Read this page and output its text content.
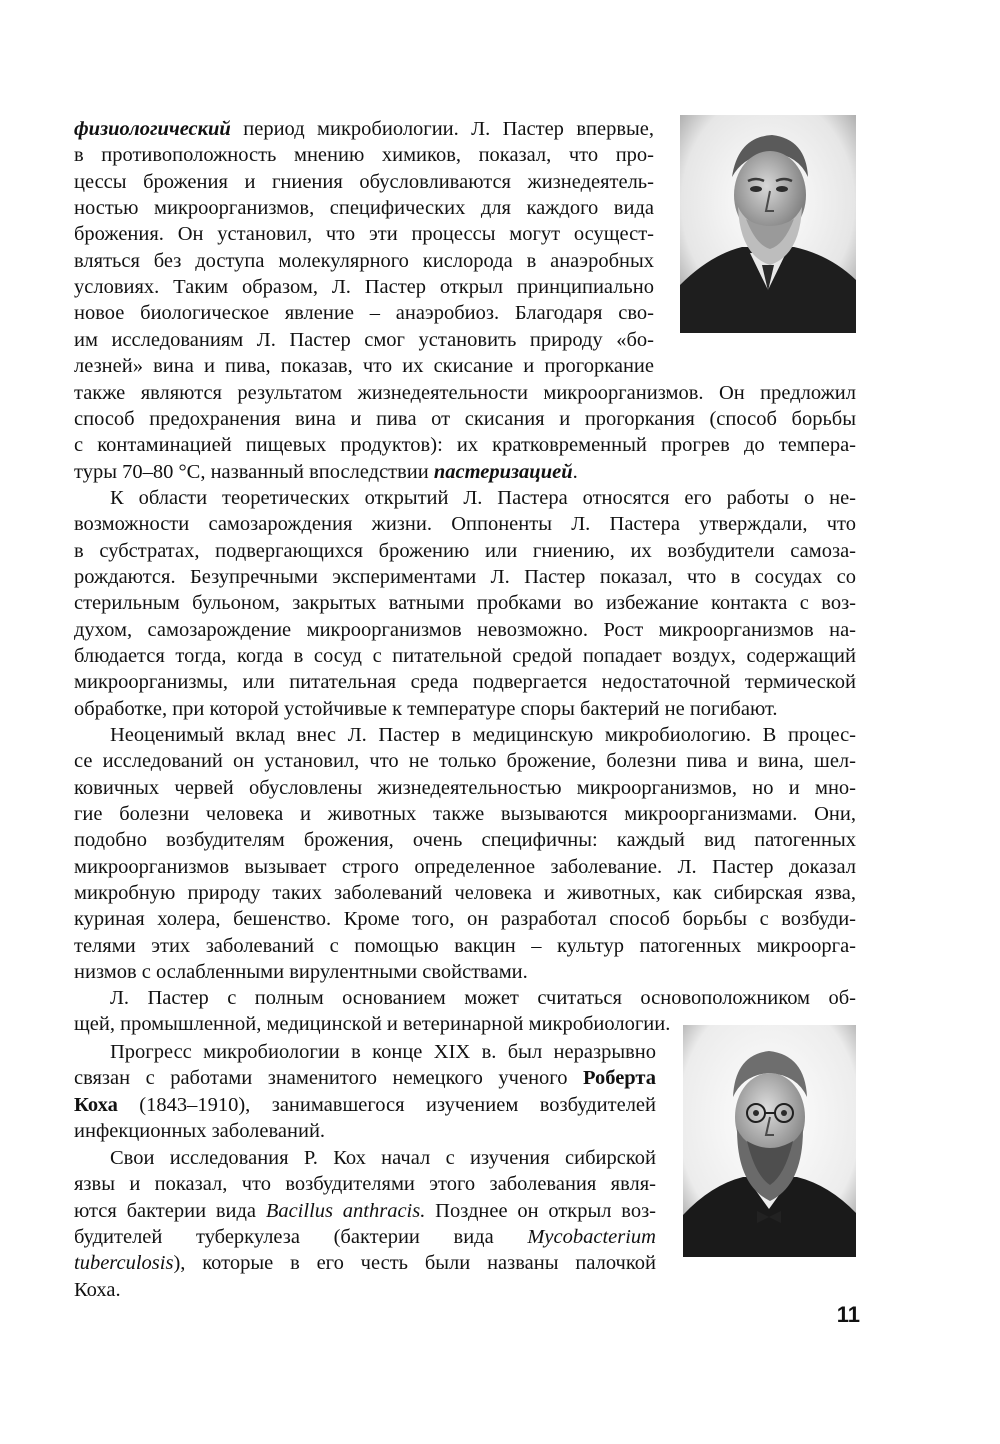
физиологический период микробиологии. Л. Пастер впервые,
в противоположность мнению химиков, показал, что про-
цессы брожения и гниения обусловливаются жизнедеятель-
ностью микроорганизмов, специфических для каждого вида
брожения. Он установил, что эти процессы могут осущест-
вляться без доступа молекулярного кислорода в анаэробных
условиях. Таким образом, Л. Пастер открыл принципиально
новое биологическое явление – анаэробиоз. Благодаря сво-
им исследованиям Л. Пастер смог установить природу «бо-
лезней» вина и пива, показав, что их скисание и прогоркание
также являются результатом жизнедеятельности микроорганизмов. Он предложил
способ предохранения вина и пива от скисания и прогоркания (способ борьбы
с контаминацией пищевых продуктов): их кратковременный прогрев до темпера-
туры 70–80 °С, названный впоследствии пастеризацией.
К области теоретических открытий Л. Пастера относятся его работы о не-
возможности самозарождения жизни. Оппоненты Л. Пастера утверждали, что
в субстратах, подвергающихся брожению или гниению, их возбудители самоза-
рождаются. Безупречными экспериментами Л. Пастер показал, что в сосудах со
стерильным бульоном, закрытых ватными пробками во избежание контакта с воз-
духом, самозарождение микроорганизмов невозможно. Рост микроорганизмов на-
блюдается тогда, когда в сосуд с питательной средой попадает воздух, содержащий
микроорганизмы, или питательная среда подвергается недостаточной термической
обработке, при которой устойчивые к температуре споры бактерий не погибают.
Неоценимый вклад внес Л. Пастер в медицинскую микробиологию. В процес-
се исследований он установил, что не только брожение, болезни пива и вина, шел-
ковичных червей обусловлены жизнедеятельностью микроорганизмов, но и мно-
гие болезни человека и животных также вызываются микроорганизмами. Они,
подобно возбудителям брожения, очень специфичны: каждый вид патогенных
микроорганизмов вызывает строго определенное заболевание. Л. Пастер доказал
микробную природу таких заболеваний человека и животных, как сибирская язва,
куриная холера, бешенство. Кроме того, он разработал способ борьбы с возбуди-
телями этих заболеваний с помощью вакцин – культур патогенных микроорга-
низмов с ослабленными вирулентными свойствами.
Л. Пастер с полным основанием может считаться основоположником об-
щей, промышленной, медицинской и ветеринарной микробиологии.
Прогресс микробиологии в конце XIX в. был неразрывно
связан с работами знаменитого немецкого ученого Роберта
Коха (1843–1910), занимавшегося изучением возбудителей
инфекционных заболеваний.
Свои исследования Р. Кох начал с изучения сибирской
язвы и показал, что возбудителями этого заболевания явля-
ются бактерии вида Bacillus anthracis. Позднее он открыл воз-
будителей туберкулеза (бактерии вида Mycobacterium
tuberculosis), которые в его честь были названы палочкой
Коха.
11
